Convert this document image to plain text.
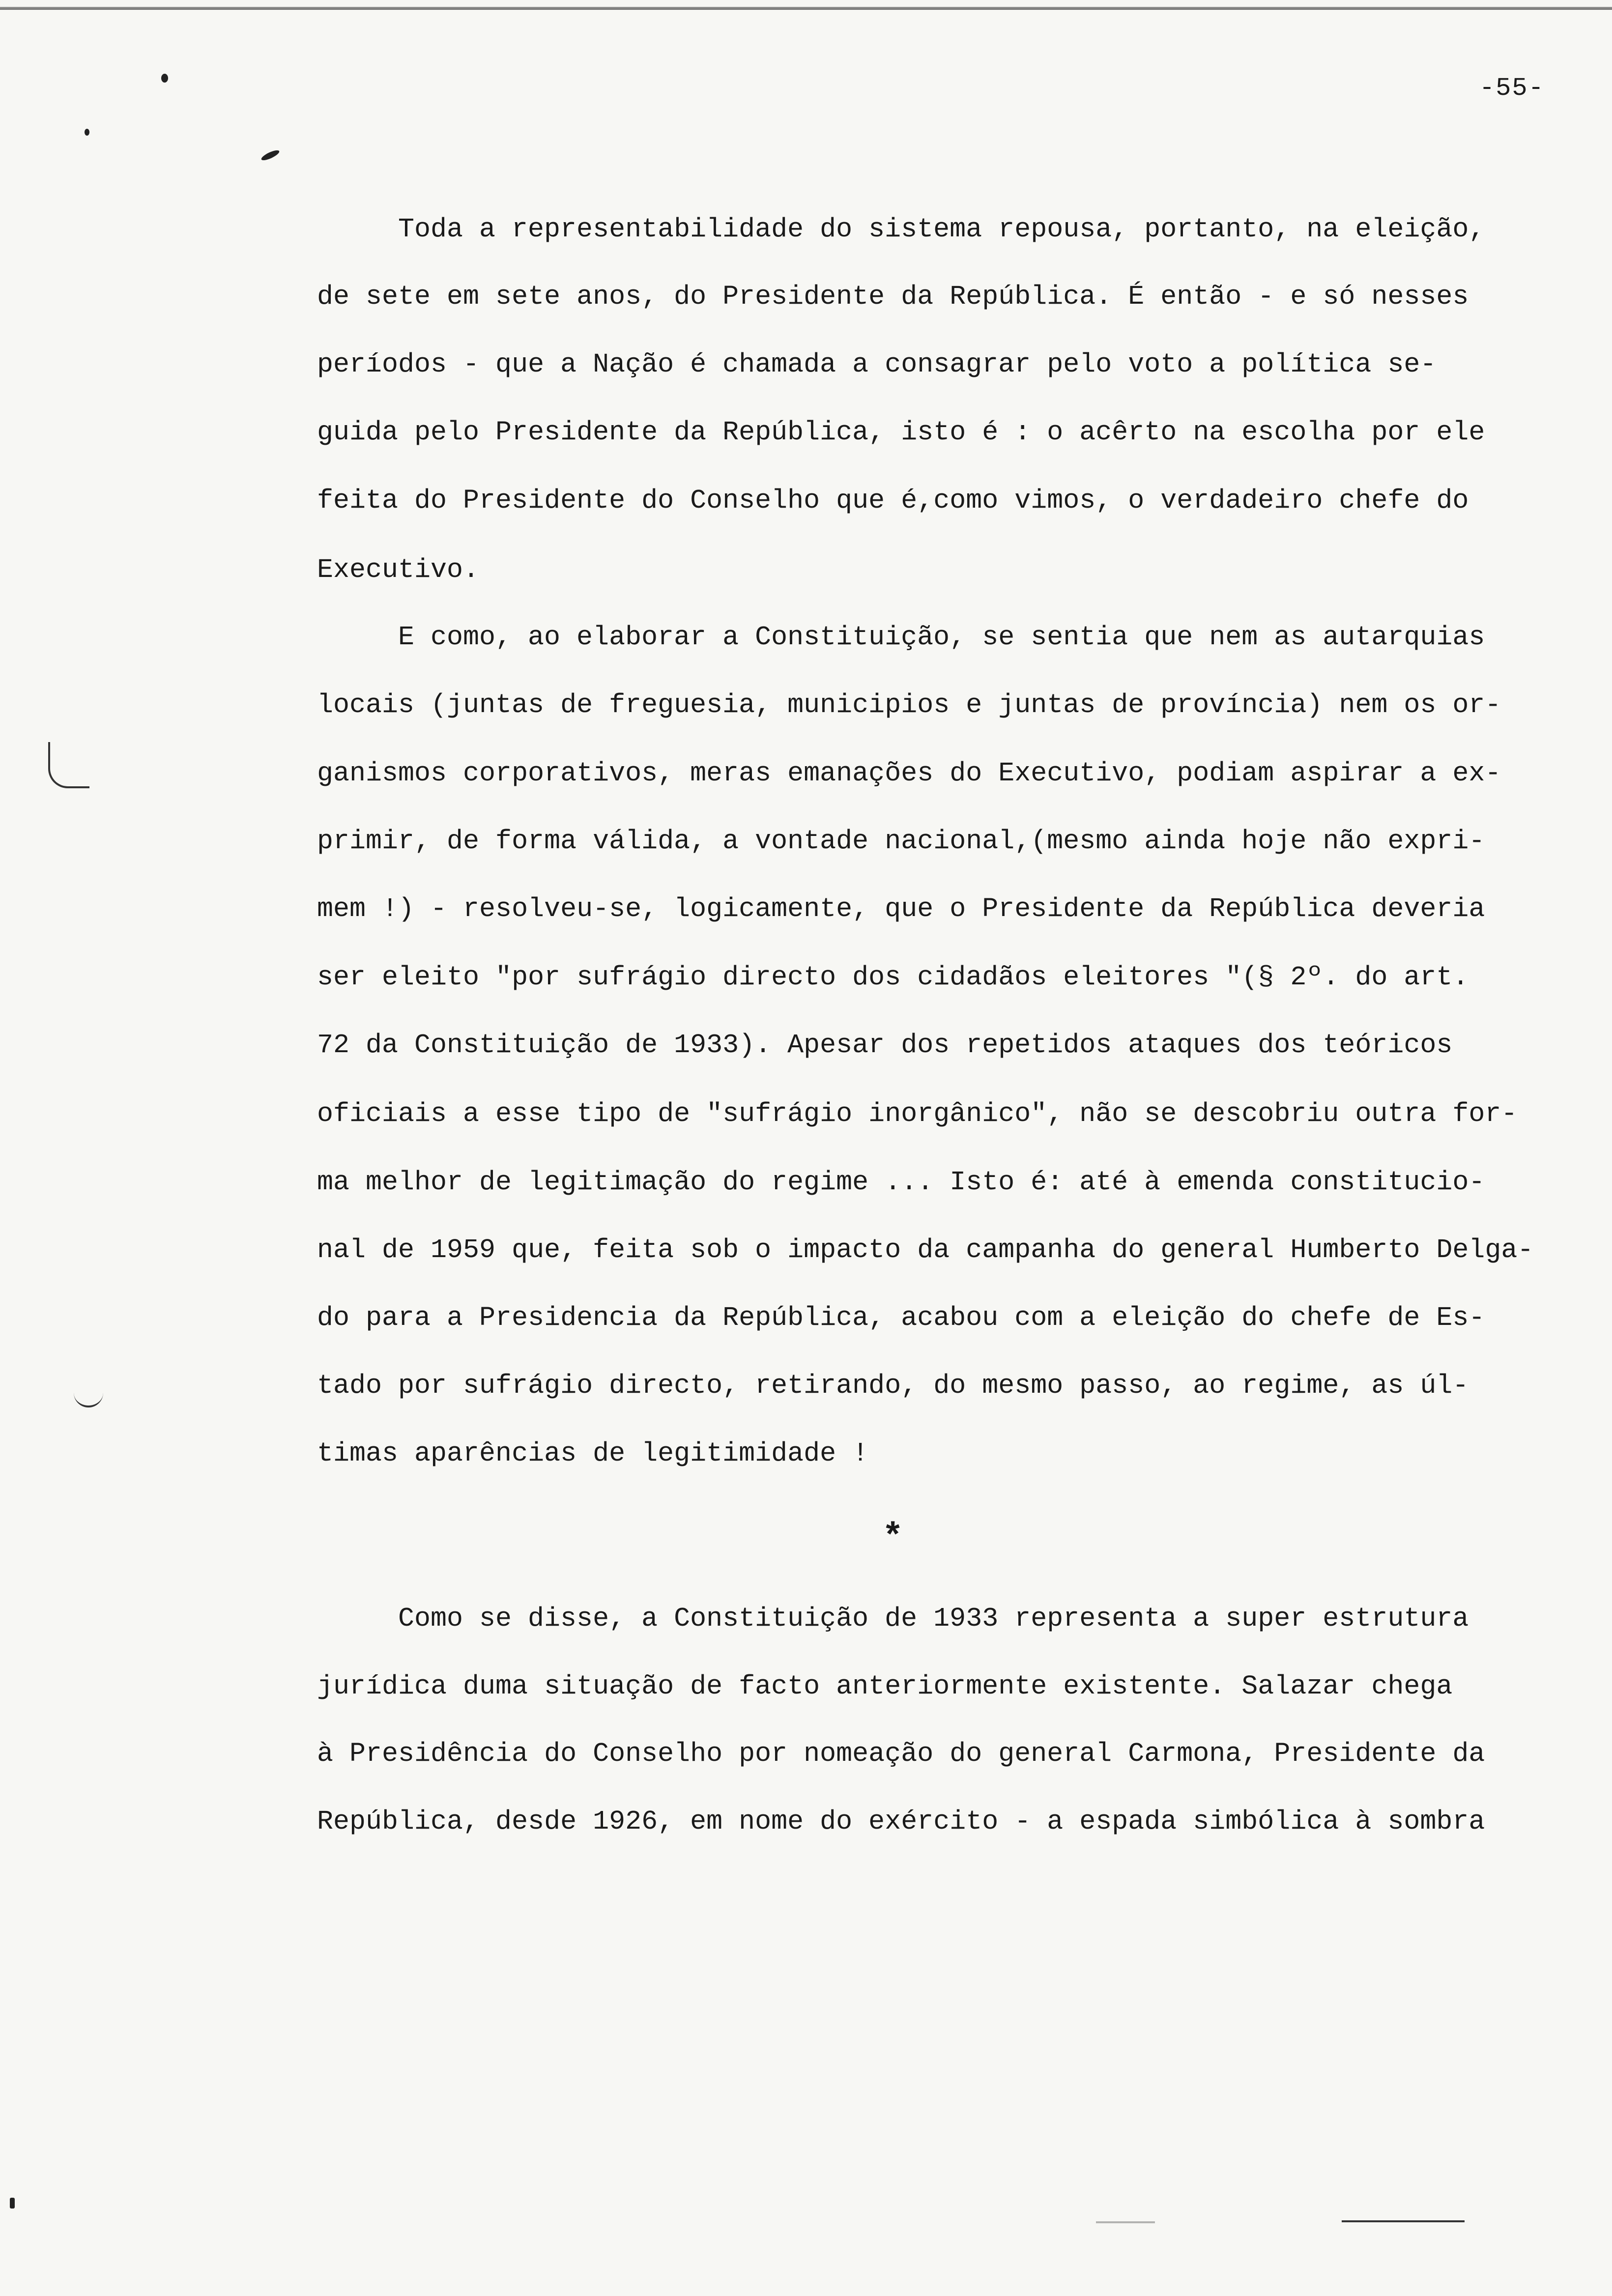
-55-
Toda a representabilidade do sistema repousa, portanto, na eleição,
de sete em sete anos, do Presidente da República. É então - e só nesses
períodos - que a Nação é chamada a consagrar pelo voto a política se-
guida pelo Presidente da República, isto é : o acêrto na escolha por ele
feita do Presidente do Conselho que é,como vimos, o verdadeiro chefe do
Executivo.
E como, ao elaborar a Constituição, se sentia que nem as autarquias
locais (juntas de freguesia, municipios e juntas de província) nem os or-
ganismos corporativos, meras emanações do Executivo, podiam aspirar a ex-
primir, de forma válida, a vontade nacional,(mesmo ainda hoje não expri-
mem !) - resolveu-se, logicamente, que o Presidente da República deveria
ser eleito "por sufrágio directo dos cidadãos eleitores "(§ 2º. do art.
72 da Constituição de 1933). Apesar dos repetidos ataques dos teóricos
oficiais a esse tipo de "sufrágio inorgânico", não se descobriu outra for-
ma melhor de legitimação do regime ... Isto é: até à emenda constitucio-
nal de 1959 que, feita sob o impacto da campanha do general Humberto Delga-
do para a Presidencia da República, acabou com a eleição do chefe de Es-
tado por sufrágio directo, retirando, do mesmo passo, ao regime, as úl-
timas aparências de legitimidade !
*
Como se disse, a Constituição de 1933 representa a super estrutura
jurídica duma situação de facto anteriormente existente. Salazar chega
à Presidência do Conselho por nomeação do general Carmona, Presidente da
República, desde 1926, em nome do exército - a espada simbólica à sombra
